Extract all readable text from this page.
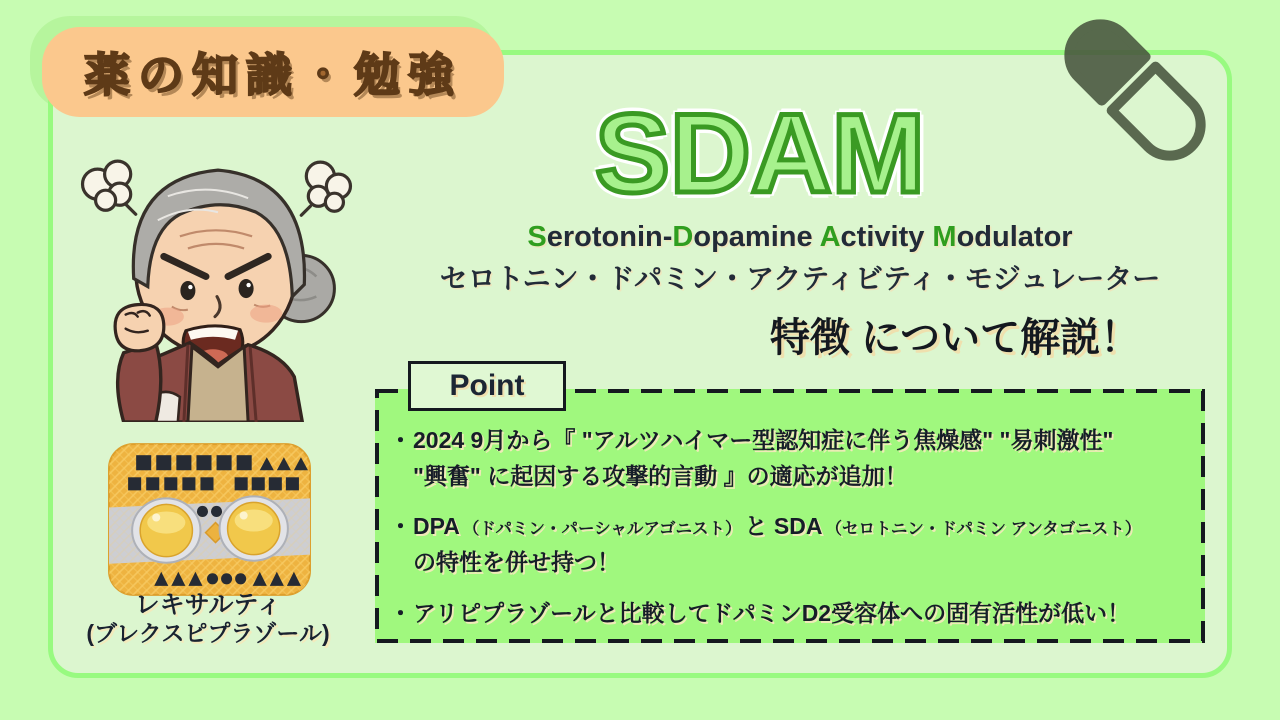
薬の知識・勉強
SDAM
Serotonin-Dopamine Activity Modulator
セロトニン・ドパミン・アクティビティ・モジュレーター
特徴 について解説！
レキサルティ
(ブレクスピプラゾール)
・ 2024 9月から『 "アルツハイマー型認知症に伴う焦燥感" "易刺激性"
"興奮" に起因する攻撃的言動 』の適応が追加！
・ DPA （ドパミン・パーシャルアゴニスト） と SDA （セロトニン・ドパミン アンタゴニスト）
の特性を併せ持つ！
・ アリピプラゾールと比較してドパミンD2受容体への固有活性が低い！
Point
